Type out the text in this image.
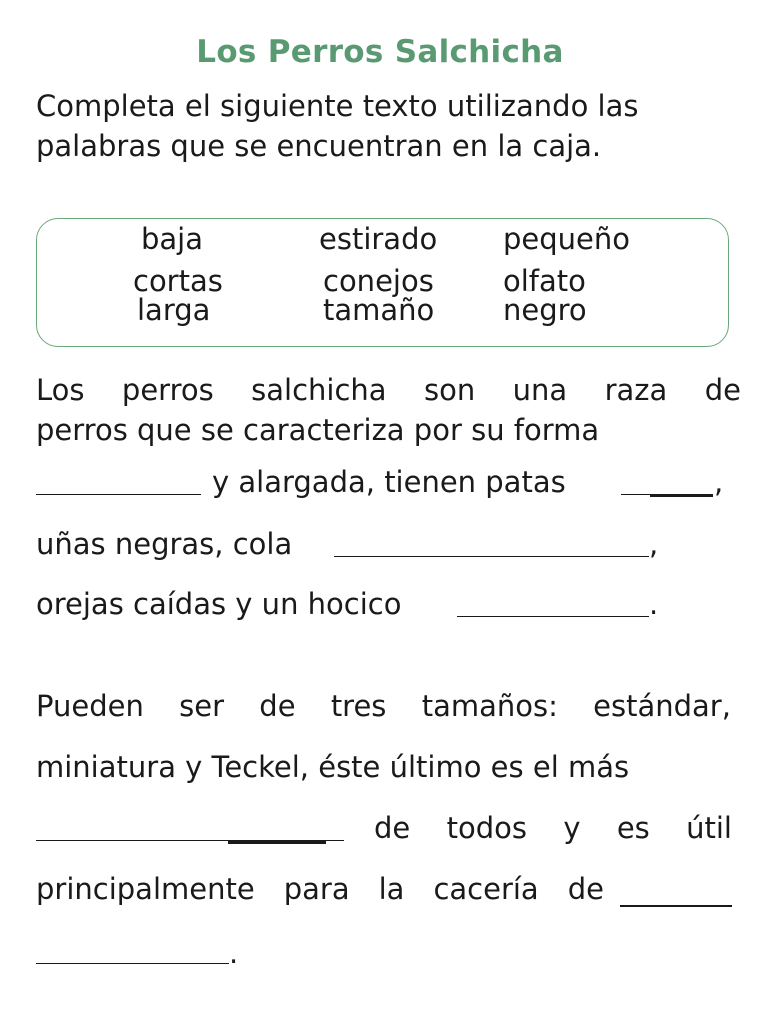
Los Perros Salchicha
Completa el siguiente texto utilizando las
palabras que se encuentran en la caja.
baja	estirado pequeño
cortas	conejos olfato
larga	tamaño negro
Los perros salchicha son una raza de
perros que se caracteriza por su forma
y alargada, tienen patas	,
uñas negras, cola	,
orejas caídas y un hocico	.
Pueden ser de tres tamaños: estándar,
miniatura y Teckel, éste último es el más
de todos y es útil
principalmente para la cacería de
.
